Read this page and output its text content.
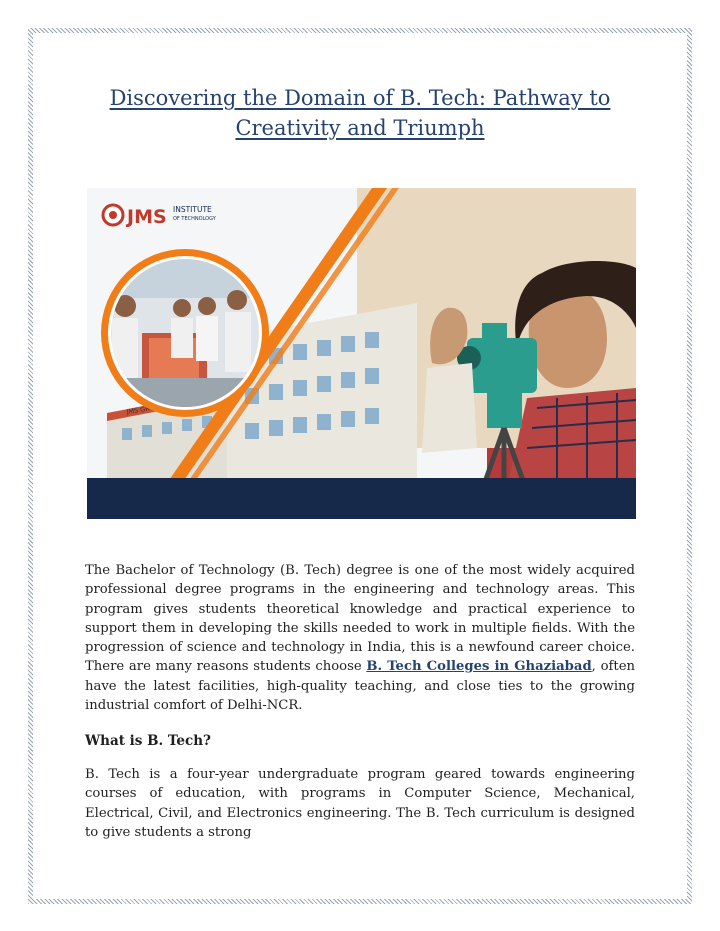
Discovering the Domain of B. Tech: Pathway to Creativity and Triumph
JMS INSTITUTE
OF TECHNOLOGY

The Bachelor of Technology (B. Tech) degree is one of the most widely acquired professional degree programs in the engineering and technology areas. This program gives students theoretical knowledge and practical experience to support them in developing the skills needed to work in multiple fields. With the progression of science and technology in India, this is a newfound career choice. There are many reasons students choose B. Tech Colleges in Ghaziabad, often have the latest facilities, high-quality teaching, and close ties to the growing industrial comfort of Delhi-NCR.

What is B. Tech?

B. Tech is a four-year undergraduate program geared towards engineering courses of education, with programs in Computer Science, Mechanical, Electrical, Civil, and Electronics engineering. The B. Tech curriculum is designed to give students a strong
